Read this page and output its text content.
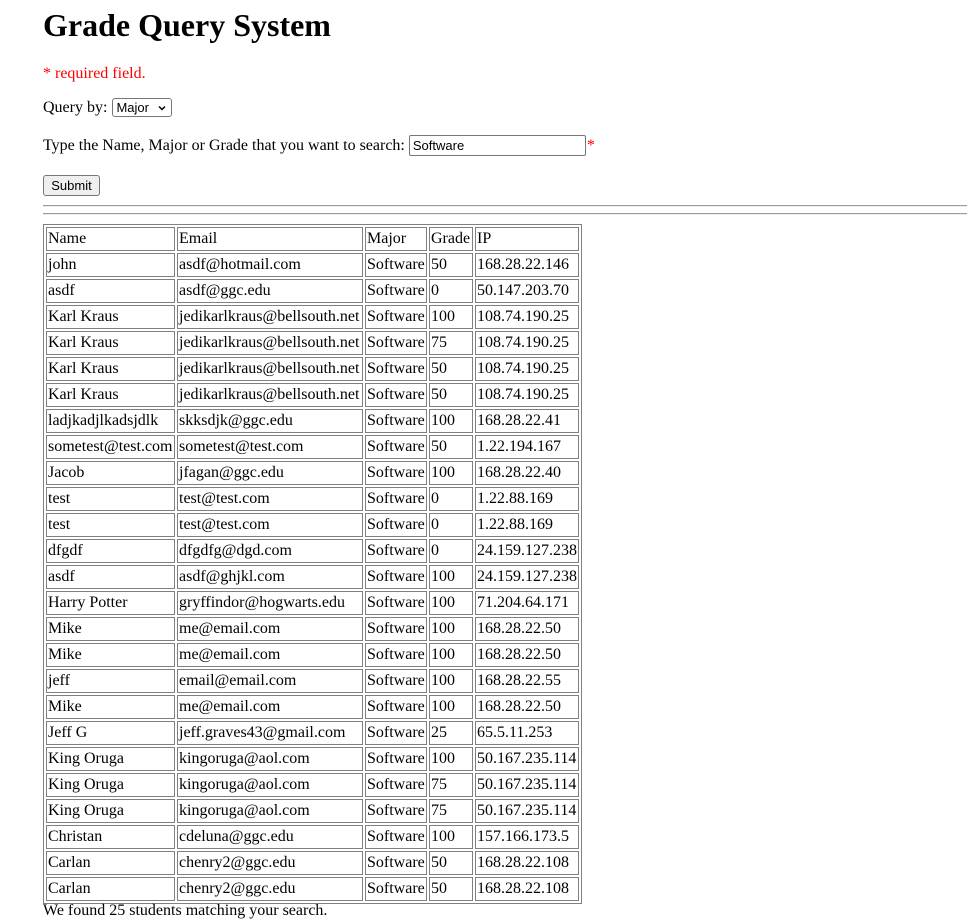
Grade Query System
* required field.
Query by: Major
Type the Name, Major or Grade that you want to search: Software	*
Submit
Name	Email	Major	Grade	IP
john	asdf@hotmail.com	Software	50	168.28.22.146
asdf	asdf@ggc.edu	Software	0	50.147.203.70
Karl Kraus	jedikarlkraus@bellsouth.net	Software	100	108.74.190.25
Karl Kraus	jedikarlkraus@bellsouth.net	Software	75	108.74.190.25
Karl Kraus	jedikarlkraus@bellsouth.net	Software	50	108.74.190.25
Karl Kraus	jedikarlkraus@bellsouth.net	Software	50	108.74.190.25
ladjkadjlkadsjdlk	skksdjk@ggc.edu	Software	100	168.28.22.41
sometest@test.com	sometest@test.com	Software	50	1.22.194.167
Jacob	jfagan@ggc.edu	Software	100	168.28.22.40
test	test@test.com	Software	0	1.22.88.169
test	test@test.com	Software	0	1.22.88.169
dfgdf	dfgdfg@dgd.com	Software	0	24.159.127.238
asdf	asdf@ghjkl.com	Software	100	24.159.127.238
Harry Potter	gryffindor@hogwarts.edu	Software	100	71.204.64.171
Mike	me@email.com	Software	100	168.28.22.50
Mike	me@email.com	Software	100	168.28.22.50
jeff	email@email.com	Software	100	168.28.22.55
Mike	me@email.com	Software	100	168.28.22.50
Jeff G	jeff.graves43@gmail.com	Software	25	65.5.11.253
King Oruga	kingoruga@aol.com	Software	100	50.167.235.114
King Oruga	kingoruga@aol.com	Software	75	50.167.235.114
King Oruga	kingoruga@aol.com	Software	75	50.167.235.114
Christan	cdeluna@ggc.edu	Software	100	157.166.173.5
Carlan	chenry2@ggc.edu	Software	50	168.28.22.108
Carlan	chenry2@ggc.edu	Software	50	168.28.22.108
We found 25 students matching your search.
